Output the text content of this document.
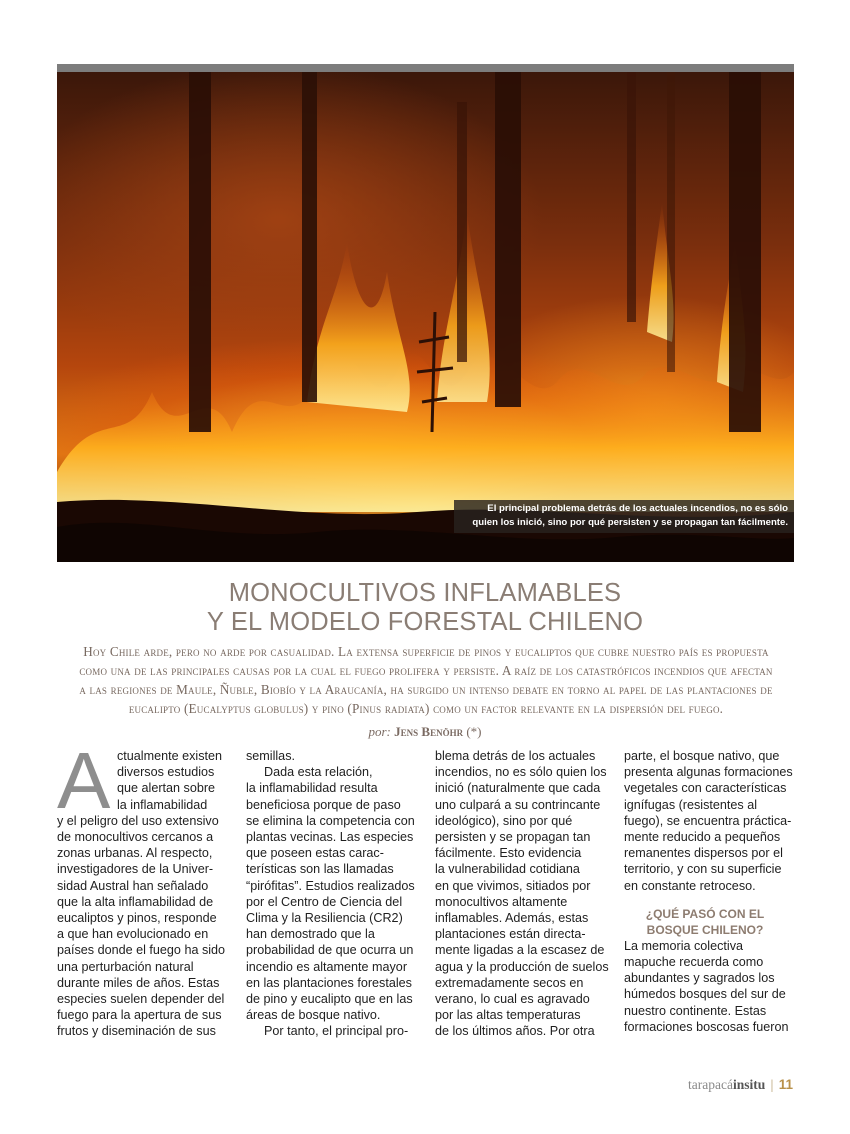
El principal problema detrás de los actuales incendios, no es sólo
quien los inició, sino por qué persisten y se propagan tan fácilmente.
MONOCULTIVOS INFLAMABLES
Y EL MODELO FORESTAL CHILENO
Hoy Chile arde, pero no arde por casualidad. La extensa superficie de pinos y eucaliptos que cubre nuestro país es propuesta
como una de las principales causas por la cual el fuego prolifera y persiste. A raíz de los catastróficos incendios que afectan
a las regiones de Maule, Ñuble, Biobío y la Araucanía, ha surgido un intenso debate en torno al papel de las plantaciones de
eucalipto (Eucalyptus globulus) y pino (Pinus radiata) como un factor relevante en la dispersión del fuego.
por: Jens Benöhr (*)
A ctualmente existen
diversos estudios
que alertan sobre
la inflamabilidad
y el peligro del uso extensivo
de monocultivos cercanos a
zonas urbanas. Al respecto,
investigadores de la Univer-
sidad Austral han señalado
que la alta inflamabilidad de
eucaliptos y pinos, responde
a que han evolucionado en
países donde el fuego ha sido
una perturbación natural
durante miles de años. Estas
especies suelen depender del
fuego para la apertura de sus
frutos y diseminación de sus
semillas.
Dada esta relación,
la inflamabilidad resulta
beneficiosa porque de paso
se elimina la competencia con
plantas vecinas. Las especies
que poseen estas carac-
terísticas son las llamadas
“pirófitas”. Estudios realizados
por el Centro de Ciencia del
Clima y la Resiliencia (CR2)
han demostrado que la
probabilidad de que ocurra un
incendio es altamente mayor
en las plantaciones forestales
de pino y eucalipto que en las
áreas de bosque nativo.
Por tanto, el principal pro-
blema detrás de los actuales
incendios, no es sólo quien los
inició (naturalmente que cada
uno culpará a su contrincante
ideológico), sino por qué
persisten y se propagan tan
fácilmente. Esto evidencia
la vulnerabilidad cotidiana
en que vivimos, sitiados por
monocultivos altamente
inflamables. Además, estas
plantaciones están directa-
mente ligadas a la escasez de
agua y la producción de suelos
extremadamente secos en
verano, lo cual es agravado
por las altas temperaturas
de los últimos años. Por otra
parte, el bosque nativo, que
presenta algunas formaciones
vegetales con características
ignífugas (resistentes al
fuego), se encuentra práctica-
mente reducido a pequeños
remanentes dispersos por el
territorio, y con su superficie
en constante retroceso.
¿QUÉ PASÓ CON EL
BOSQUE CHILENO?
La memoria colectiva
mapuche recuerda como
abundantes y sagrados los
húmedos bosques del sur de
nuestro continente. Estas
formaciones boscosas fueron
tarapacáinsitu | 11
